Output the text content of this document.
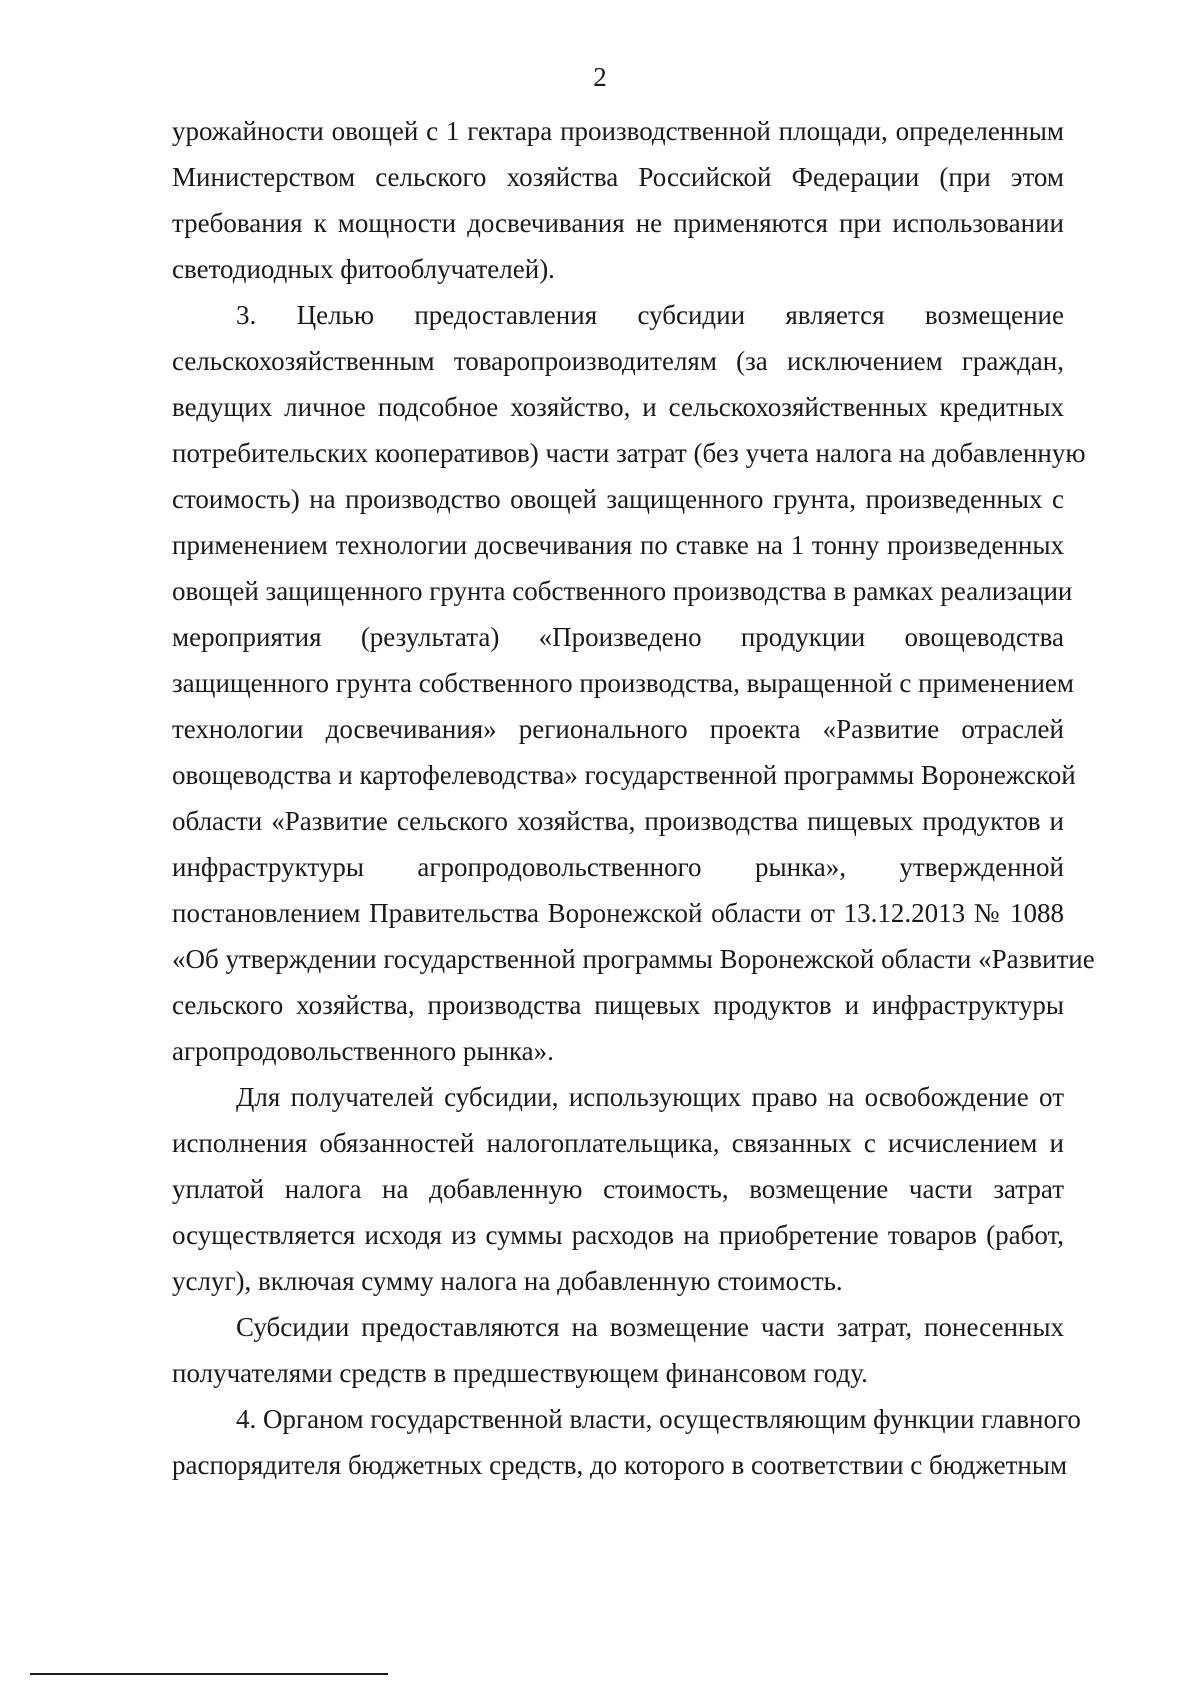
2
урожайности овощей с 1 гектара производственной площади, определенным
Министерством сельского хозяйства Российской Федерации (при этом
требования к мощности досвечивания не применяются при использовании
светодиодных фитооблучателей).
3. Целью предоставления субсидии является возмещение
сельскохозяйственным товаропроизводителям (за исключением граждан,
ведущих личное подсобное хозяйство, и сельскохозяйственных кредитных
потребительских кооперативов) части затрат (без учета налога на добавленную
стоимость) на производство овощей защищенного грунта, произведенных с
применением технологии досвечивания по ставке на 1 тонну произведенных
овощей защищенного грунта собственного производства в рамках реализации
мероприятия (результата) «Произведено продукции овощеводства
защищенного грунта собственного производства, выращенной с применением
технологии досвечивания» регионального проекта «Развитие отраслей
овощеводства и картофелеводства» государственной программы Воронежской
области «Развитие сельского хозяйства, производства пищевых продуктов и
инфраструктуры агропродовольственного рынка», утвержденной
постановлением Правительства Воронежской области от 13.12.2013 № 1088
«Об утверждении государственной программы Воронежской области «Развитие
сельского хозяйства, производства пищевых продуктов и инфраструктуры
агропродовольственного рынка».
Для получателей субсидии, использующих право на освобождение от
исполнения обязанностей налогоплательщика, связанных с исчислением и
уплатой налога на добавленную стоимость, возмещение части затрат
осуществляется исходя из суммы расходов на приобретение товаров (работ,
услуг), включая сумму налога на добавленную стоимость.
Субсидии предоставляются на возмещение части затрат, понесенных
получателями средств в предшествующем финансовом году.
4. Органом государственной власти, осуществляющим функции главного
распорядителя бюджетных средств, до которого в соответствии с бюджетным
